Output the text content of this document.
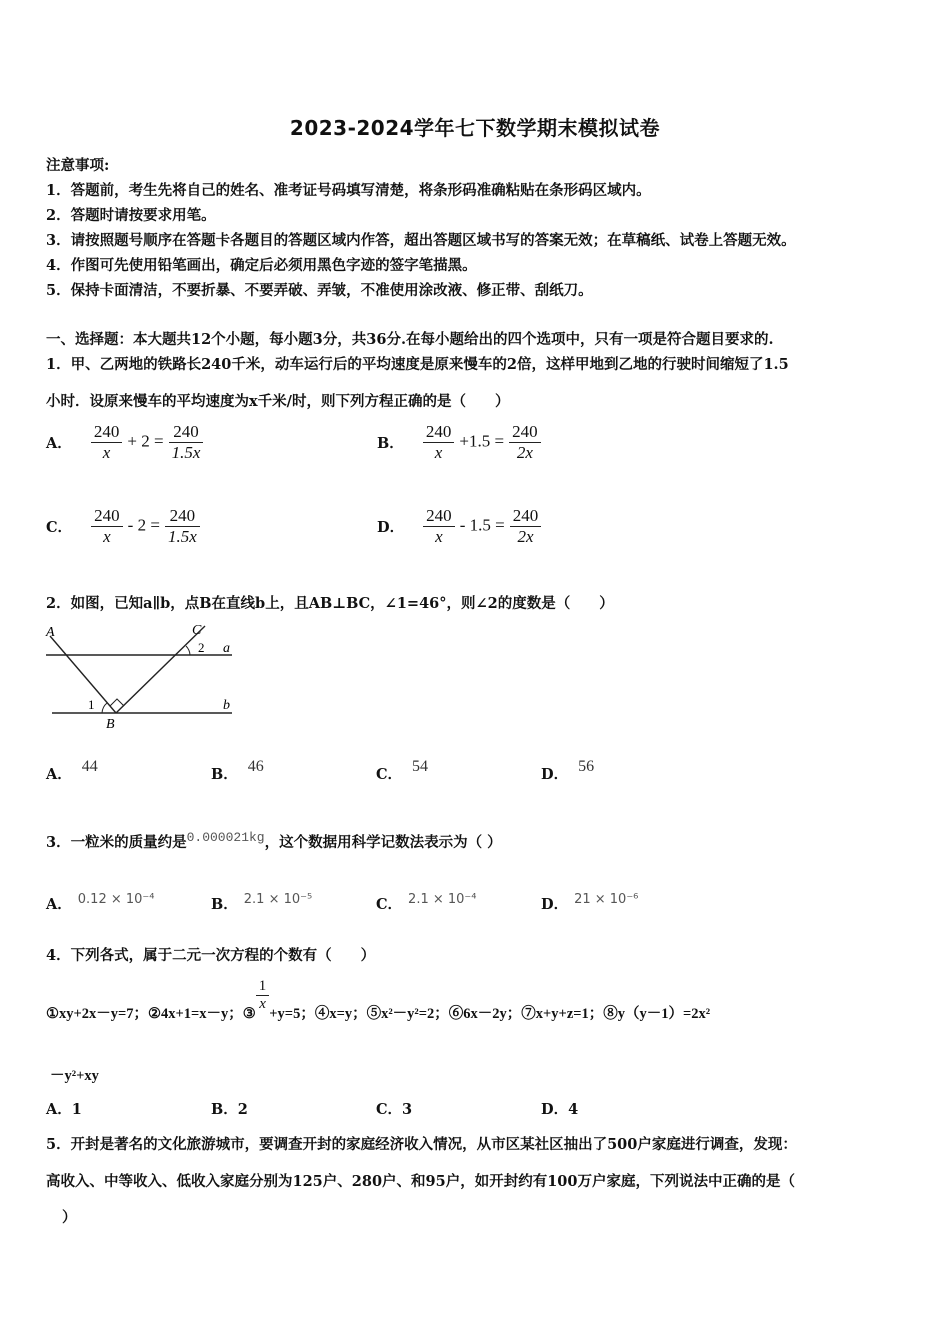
2023-2024学年七下数学期末模拟试卷
注意事项:
1．答题前，考生先将自己的姓名、准考证号码填写清楚，将条形码准确粘贴在条形码区域内。
2．答题时请按要求用笔。
3．请按照题号顺序在答题卡各题目的答题区域内作答，超出答题区域书写的答案无效；在草稿纸、试卷上答题无效。
4．作图可先使用铅笔画出，确定后必须用黑色字迹的签字笔描黑。
5．保持卡面清洁，不要折暴、不要弄破、弄皱，不准使用涂改液、修正带、刮纸刀。
一、选择题：本大题共12个小题，每小题3分，共36分.在每小题给出的四个选项中，只有一项是符合题目要求的.
1．甲、乙两地的铁路长240千米，动车运行后的平均速度是原来慢车的2倍，这样甲地到乙地的行驶时间缩短了1.5
小时．设原来慢车的平均速度为x千米/时，则下列方程正确的是（　　）
A． $\frac{240}{x} + 2 = \frac{240}{1.5x}$	B． $\frac{240}{x} +1.5 = \frac{240}{2x}$
C． $\frac{240}{x} - 2 = \frac{240}{1.5x}$	D． $\frac{240}{x} - 1.5 = \frac{240}{2x}$
2．如图，已知a∥b，点B在直线b上，且AB⊥BC，∠1=46°，则∠2的度数是（　　）
A	C
2 a
1	b
B
A． 44	B． 46	C． 54	D． 56
3．一粒米的质量约是0.000021kg，这个数据用科学记数法表示为（ ）
A． 0.12 × 10⁻⁴	B． 2.1 × 10⁻⁵	C． 2.1 × 10⁻⁴	D． 21 × 10⁻⁶
4．下列各式，属于二元一次方程的个数有（　　）
①xy+2x－y=7；②4x+1=x－y；③
$\frac{1}{x}$
+y=5；④x=y；⑤x²－y²=2；⑥6x－2y；⑦x+y+z=1；⑧y（y－1）=2x²
－y²+xy
A．1	B．2	C．3	D．4
5．开封是著名的文化旅游城市，要调查开封的家庭经济收入情况，从市区某社区抽出了500户家庭进行调查，发现：
高收入、中等收入、低收入家庭分别为125户、280户、和95户，如开封约有100万户家庭，下列说法中正确的是（
）
